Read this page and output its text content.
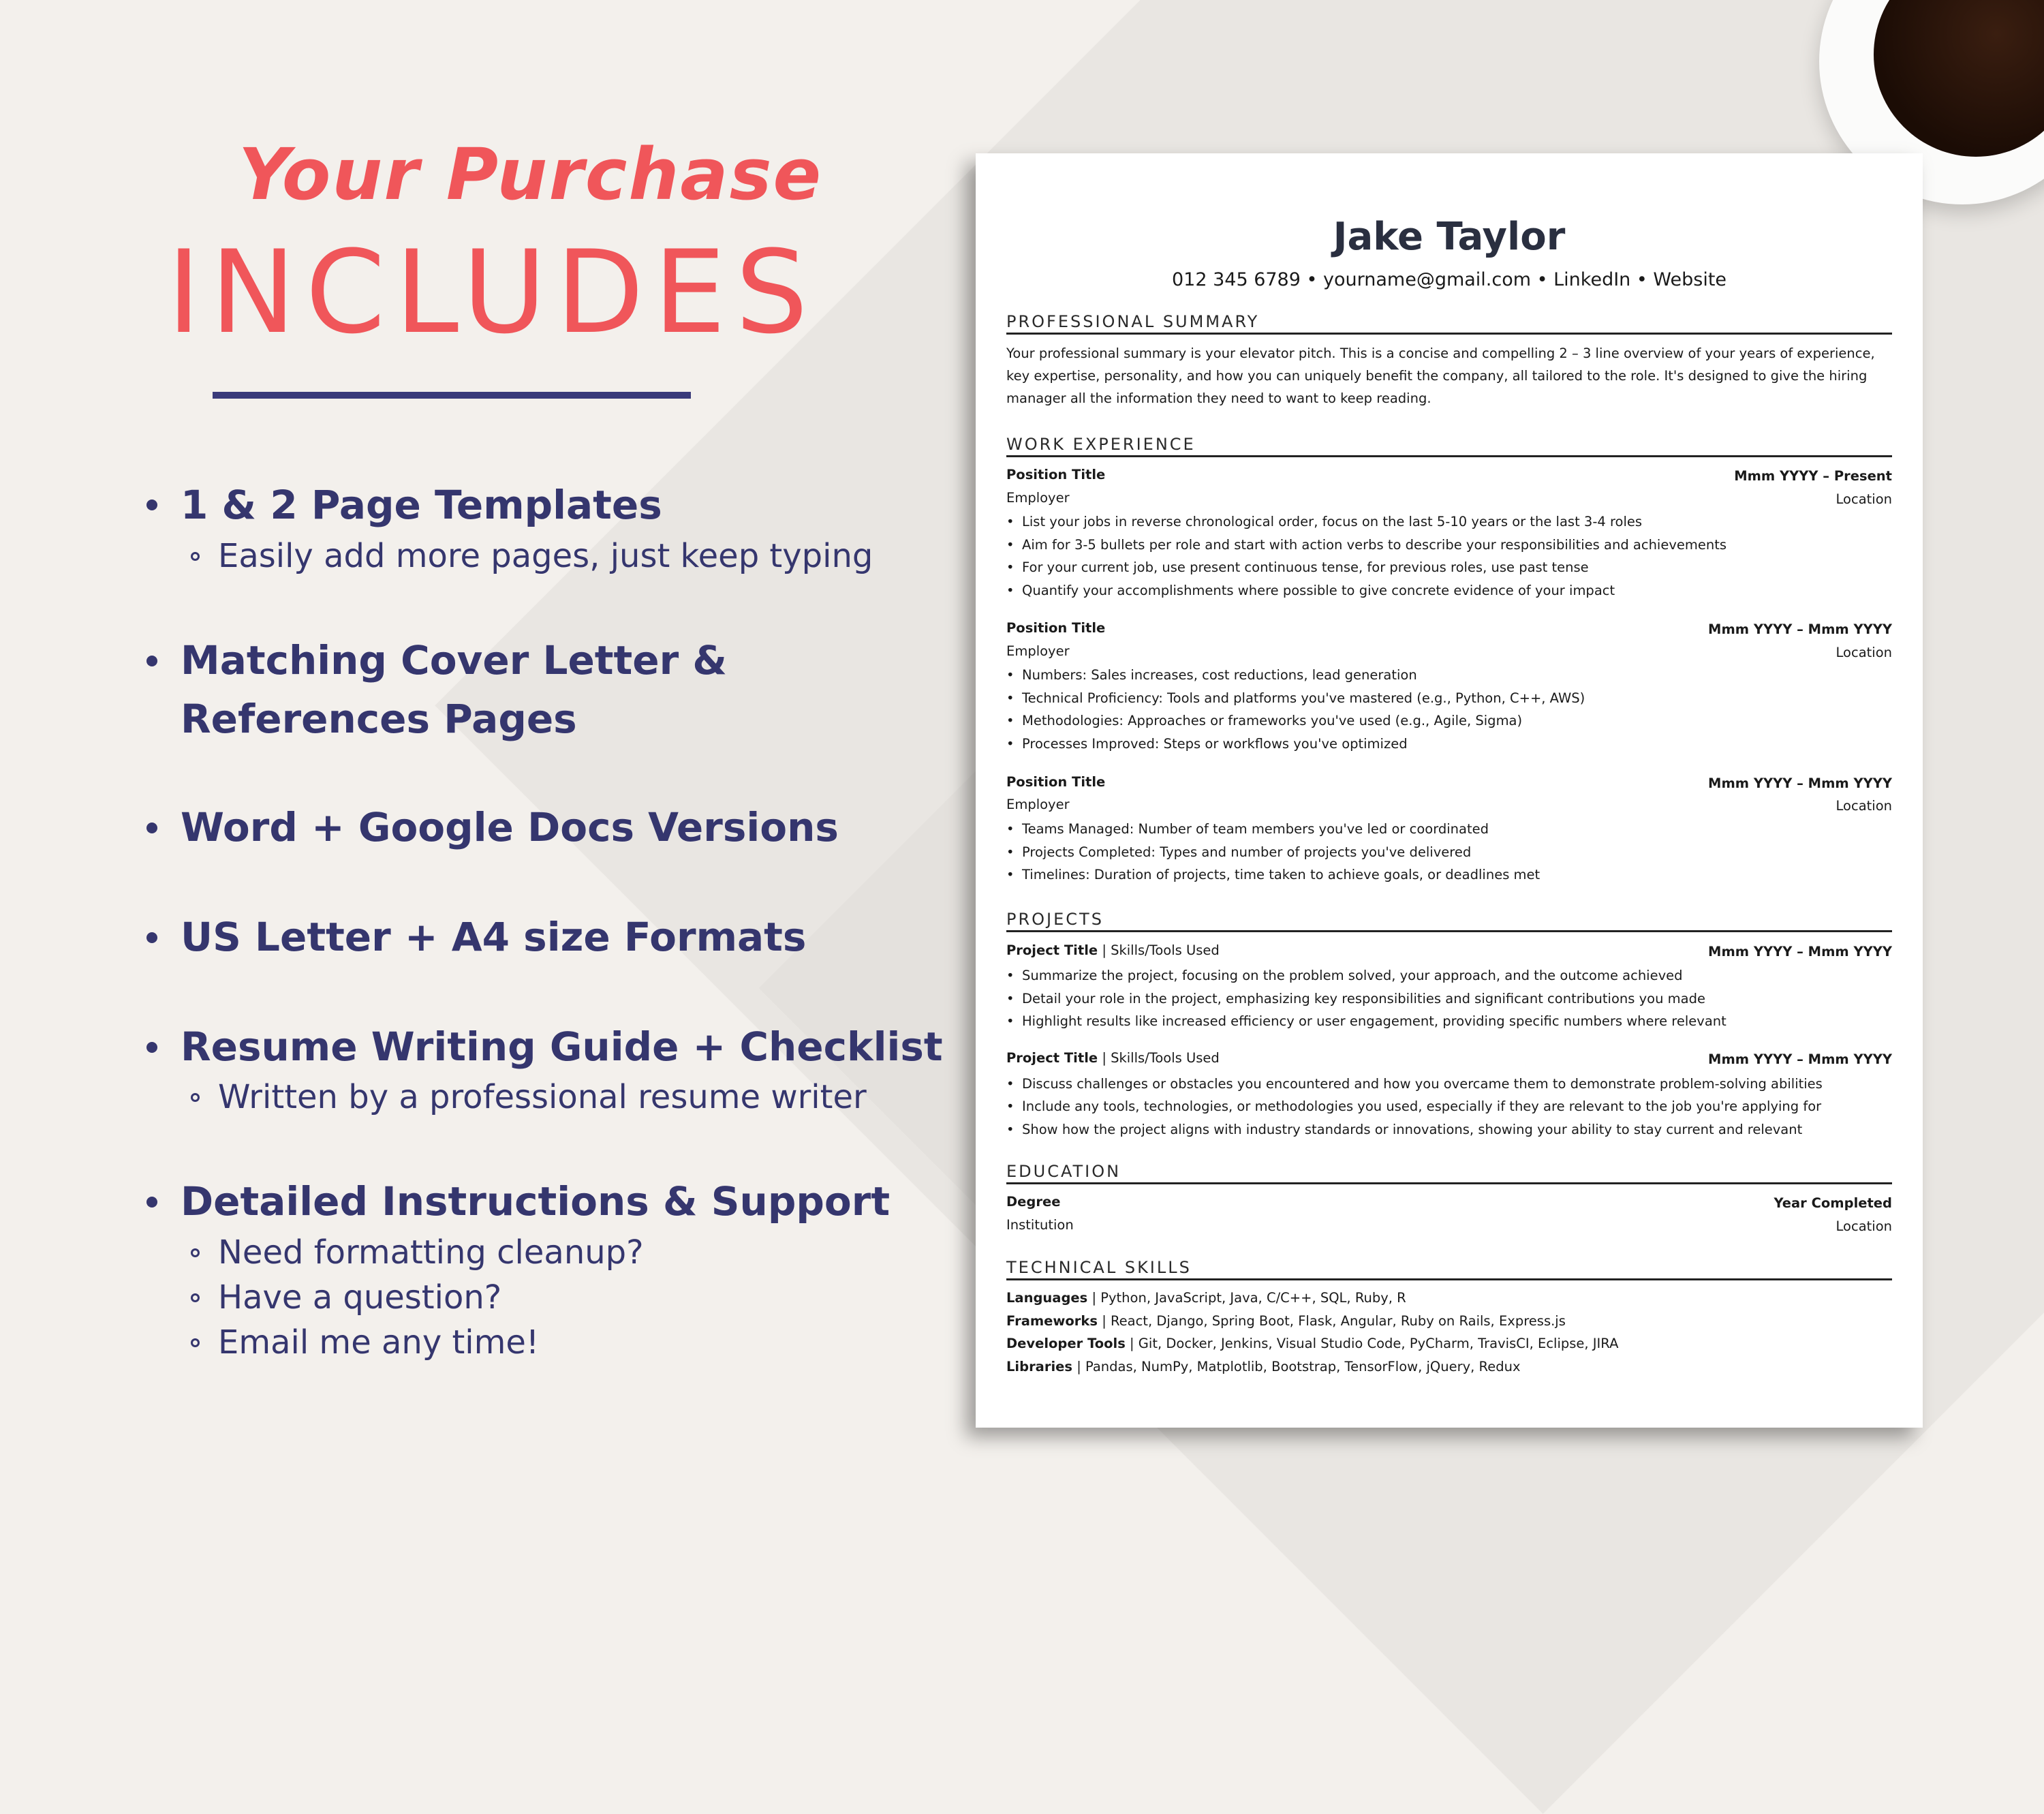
Your Purchase
INCLUDES

1 & 2 Page Templates

Easily add more pages, just keep typing

Matching Cover Letter &

References Pages

Word + Google Docs Versions

US Letter + A4 size Formats

Resume Writing Guide + Checklist

Written by a professional resume writer

Detailed Instructions & Support

Need formatting cleanup?

Have a question?

Email me any time!

Jake Taylor
012 345 6789 • yourname@gmail.com • LinkedIn • Website
PROFESSIONAL SUMMARY
Your professional summary is your elevator pitch. This is a concise and compelling 2 – 3 line overview of your years of experience,
key expertise, personality, and how you can uniquely benefit the company, all tailored to the role. It's designed to give the hiring
manager all the information they need to want to keep reading.
WORK EXPERIENCE
Position Title	Mmm YYYY – Present
Employer	Location
• List your jobs in reverse chronological order, focus on the last 5-10 years or the last 3-4 roles
• Aim for 3-5 bullets per role and start with action verbs to describe your responsibilities and achievements
• For your current job, use present continuous tense, for previous roles, use past tense
• Quantify your accomplishments where possible to give concrete evidence of your impact
Position Title	Mmm YYYY – Mmm YYYY
Employer	Location
• Numbers: Sales increases, cost reductions, lead generation
• Technical Proficiency: Tools and platforms you've mastered (e.g., Python, C++, AWS)
• Methodologies: Approaches or frameworks you've used (e.g., Agile, Sigma)
• Processes Improved: Steps or workflows you've optimized
Position Title	Mmm YYYY – Mmm YYYY
Employer	Location
• Teams Managed: Number of team members you've led or coordinated
• Projects Completed: Types and number of projects you've delivered
• Timelines: Duration of projects, time taken to achieve goals, or deadlines met
PROJECTS
Project Title | Skills/Tools Used	Mmm YYYY – Mmm YYYY
• Summarize the project, focusing on the problem solved, your approach, and the outcome achieved
• Detail your role in the project, emphasizing key responsibilities and significant contributions you made
• Highlight results like increased efficiency or user engagement, providing specific numbers where relevant
Project Title | Skills/Tools Used	Mmm YYYY – Mmm YYYY
• Discuss challenges or obstacles you encountered and how you overcame them to demonstrate problem-solving abilities
• Include any tools, technologies, or methodologies you used, especially if they are relevant to the job you're applying for
• Show how the project aligns with industry standards or innovations, showing your ability to stay current and relevant
EDUCATION
Degree	Year Completed
Institution	Location
TECHNICAL SKILLS
Languages | Python, JavaScript, Java, C/C++, SQL, Ruby, R
Frameworks | React, Django, Spring Boot, Flask, Angular, Ruby on Rails, Express.js
Developer Tools | Git, Docker, Jenkins, Visual Studio Code, PyCharm, TravisCI, Eclipse, JIRA
Libraries | Pandas, NumPy, Matplotlib, Bootstrap, TensorFlow, jQuery, Redux
